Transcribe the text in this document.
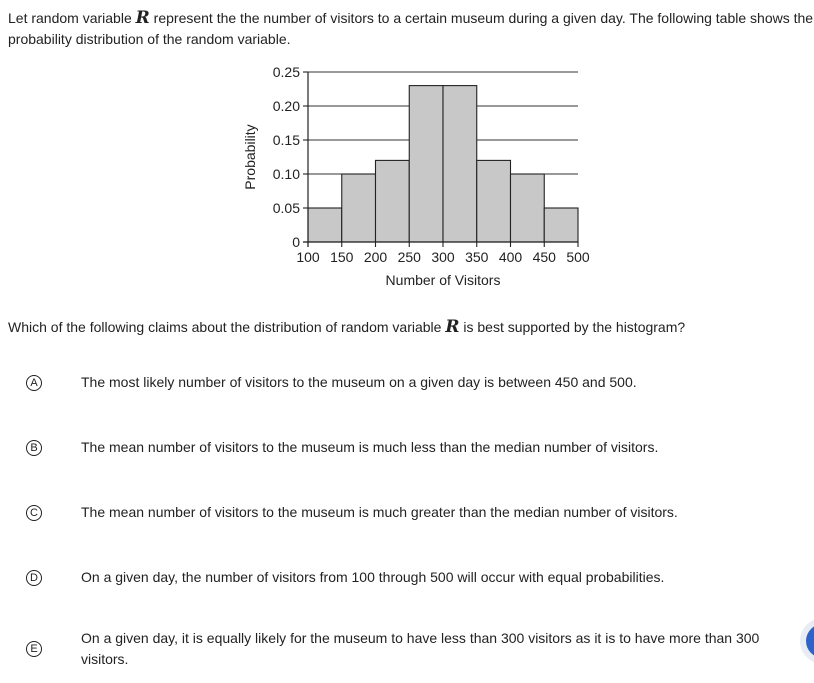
Let random variable R represent the the number of visitors to a certain museum during a given day. The following table shows the probability distribution of the random variable.

0
0.05
0.10
0.15
0.20
0.25
100 150 200 250 300 350 400 450 500
Probability
Number of Visitors

Which of the following claims about the distribution of random variable R is best supported by the histogram?

A	The most likely number of visitors to the museum on a given day is between 450 and 500.
B	The mean number of visitors to the museum is much less than the median number of visitors.
C	The mean number of visitors to the museum is much greater than the median number of visitors.
D	On a given day, the number of visitors from 100 through 500 will occur with equal probabilities.
E
On a given day, it is equally likely for the museum to have less than 300 visitors as it is to have more than 300 visitors.
